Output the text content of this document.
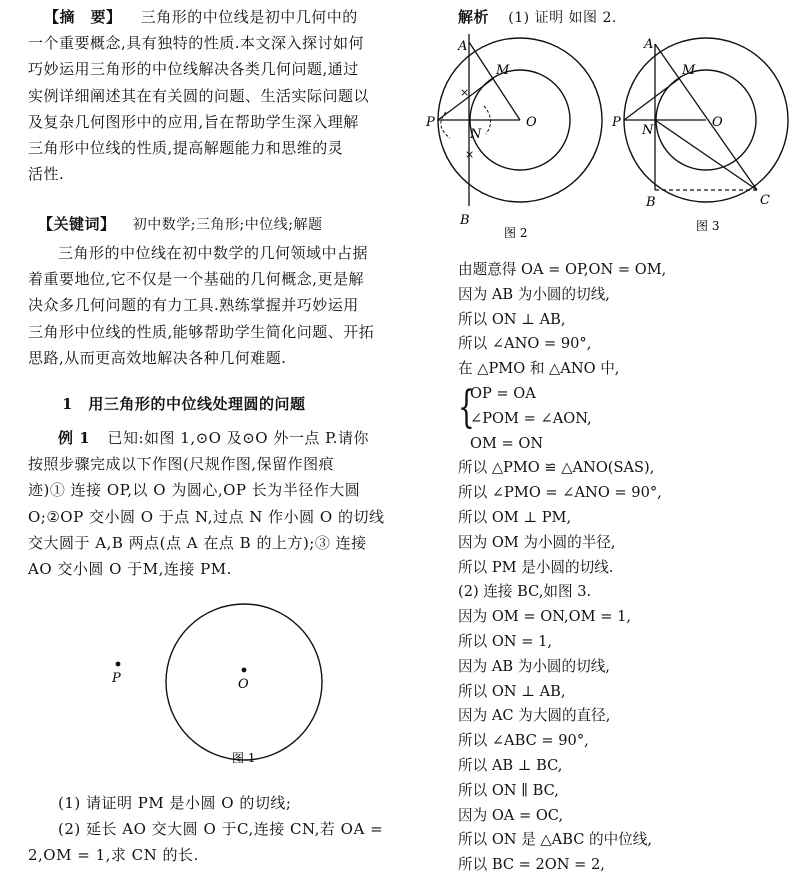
【摘　要】 三角形的中位线是初中几何中的
一个重要概念,具有独特的性质.本文深入探讨如何
巧妙运用三角形的中位线解决各类几何问题,通过
实例详细阐述其在有关圆的问题、生活实际问题以
及复杂几何图形中的应用,旨在帮助学生深入理解
三角形中位线的性质,提高解题能力和思维的灵
活性.
【关键词】 初中数学;三角形;中位线;解题
三角形的中位线在初中数学的几何领域中占据
着重要地位,它不仅是一个基础的几何概念,更是解
决众多几何问题的有力工具.熟练掌握并巧妙运用
三角形中位线的性质,能够帮助学生简化问题、开拓
思路,从而更高效地解决各种几何难题.
1　用三角形的中位线处理圆的问题
例 1 已知:如图 1,⊙O 及⊙O 外一点 P.请你
按照步骤完成以下作图(尺规作图,保留作图痕
迹)① 连接 OP,以 O 为圆心,OP 长为半径作大圆
O;②OP 交小圆 O 于点 N,过点 N 作小圆 O 的切线
交大圆于 A,B 两点(点 A 在点 B 的上方);③ 连接
AO 交小圆 O 于M,连接 PM.
P	O
图 1
(1) 请证明 PM 是小圆 O 的切线;
(2) 延长 AO 交大圆 O 于C,连接 CN,若 OA =
2,OM = 1,求 CN 的长.
解析 (1) 证明 如图 2.
×
×
A
B
P
M
N
O
图 2
A
B
P
M
N
O
C
图 3
由题意得 OA = OP,ON = OM,
因为 AB 为小圆的切线,
所以 ON ⊥ AB,
所以 ∠ANO = 90°,
在 △PMO 和 △ANO 中,
{
OP = OA
∠POM = ∠AON,
OM = ON
所以 △PMO ≌ △ANO(SAS),
所以 ∠PMO = ∠ANO = 90°,
所以 OM ⊥ PM,
因为 OM 为小圆的半径,
所以 PM 是小圆的切线.
(2) 连接 BC,如图 3.
因为 OM = ON,OM = 1,
所以 ON = 1,
因为 AB 为小圆的切线,
所以 ON ⊥ AB,
因为 AC 为大圆的直径,
所以 ∠ABC = 90°,
所以 AB ⊥ BC,
所以 ON ∥ BC,
因为 OA = OC,
所以 ON 是 △ABC 的中位线,
所以 BC = 2ON = 2,
